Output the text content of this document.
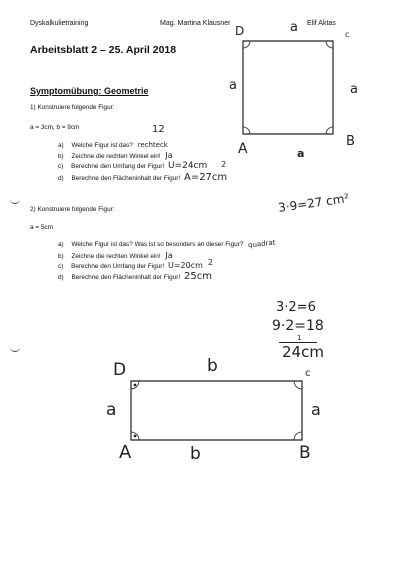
Dyskalkulietraining	Mag. Martina Klausner	Elif Aktas
Arbeitsblatt 2 – 25. April 2018
Symptomübung: Geometrie
1) Konstruiere folgende Figur:
a = 3cm, b = 9cm	12
a) Welche Figur ist das? rechteck
b) Zeichne die rechten Winkel ein! Ja
c) Berechne den Umfang der Figur! U=24cm
d) Berechne den Flächeninhalt der Figur! A=27cm
2
3·9=27 cm²
2) Konstruiere folgende Figur:
a = 5cm
a) Welche Figur ist das? Was ist so besonders an dieser Figur? quadrat
b) Zeichne die rechten Winkel ein! Ja
c) Berechne den Umfang der Figur! U=20cm
d) Berechne den Flächeninhalt der Figur! 25cm
2
3·2=6
9·2=18
1
24cm
D	a	c
a	a
A	a
B
D	b	c
a	a
A	b	B
